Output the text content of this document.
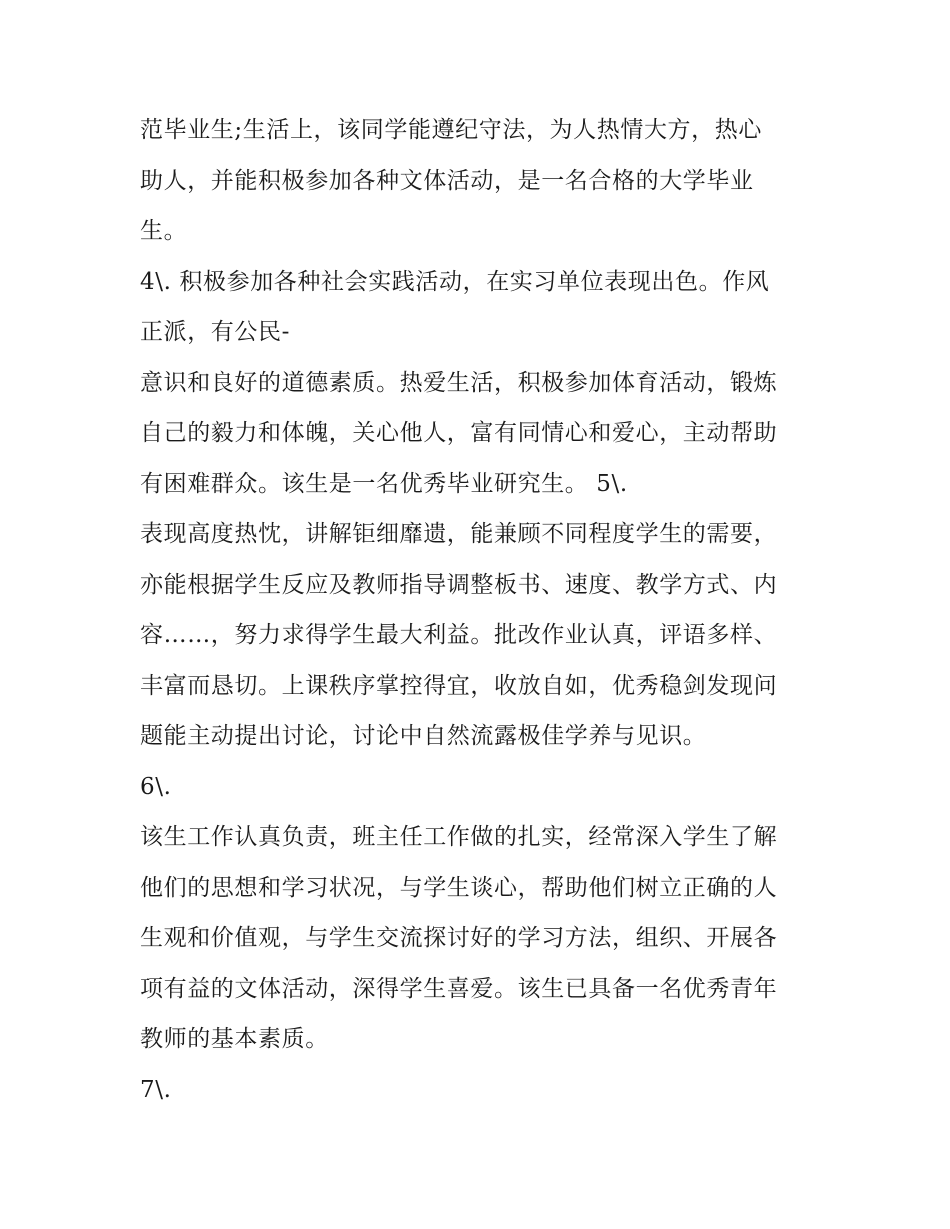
范毕业生;生活上，该同学能遵纪守法，为人热情大方，热心
助人，并能积极参加各种文体活动，是一名合格的大学毕业
生。
4\. 积极参加各种社会实践活动，在实习单位表现出色。作风
正派，有公民-
意识和良好的道德素质。热爱生活，积极参加体育活动，锻炼
自己的毅力和体魄，关心他人，富有同情心和爱心，主动帮助
有困难群众。该生是一名优秀毕业研究生。 5\.
表现高度热忱，讲解钜细靡遗，能兼顾不同程度学生的需要，
亦能根据学生反应及教师指导调整板书、速度、教学方式、内
容……，努力求得学生最大利益。批改作业认真，评语多样、
丰富而恳切。上课秩序掌控得宜，收放自如，优秀稳剑发现问
题能主动提出讨论，讨论中自然流露极佳学养与见识。
6\.
该生工作认真负责，班主任工作做的扎实，经常深入学生了解
他们的思想和学习状况，与学生谈心，帮助他们树立正确的人
生观和价值观，与学生交流探讨好的学习方法，组织、开展各
项有益的文体活动，深得学生喜爱。该生已具备一名优秀青年
教师的基本素质。
7\.
